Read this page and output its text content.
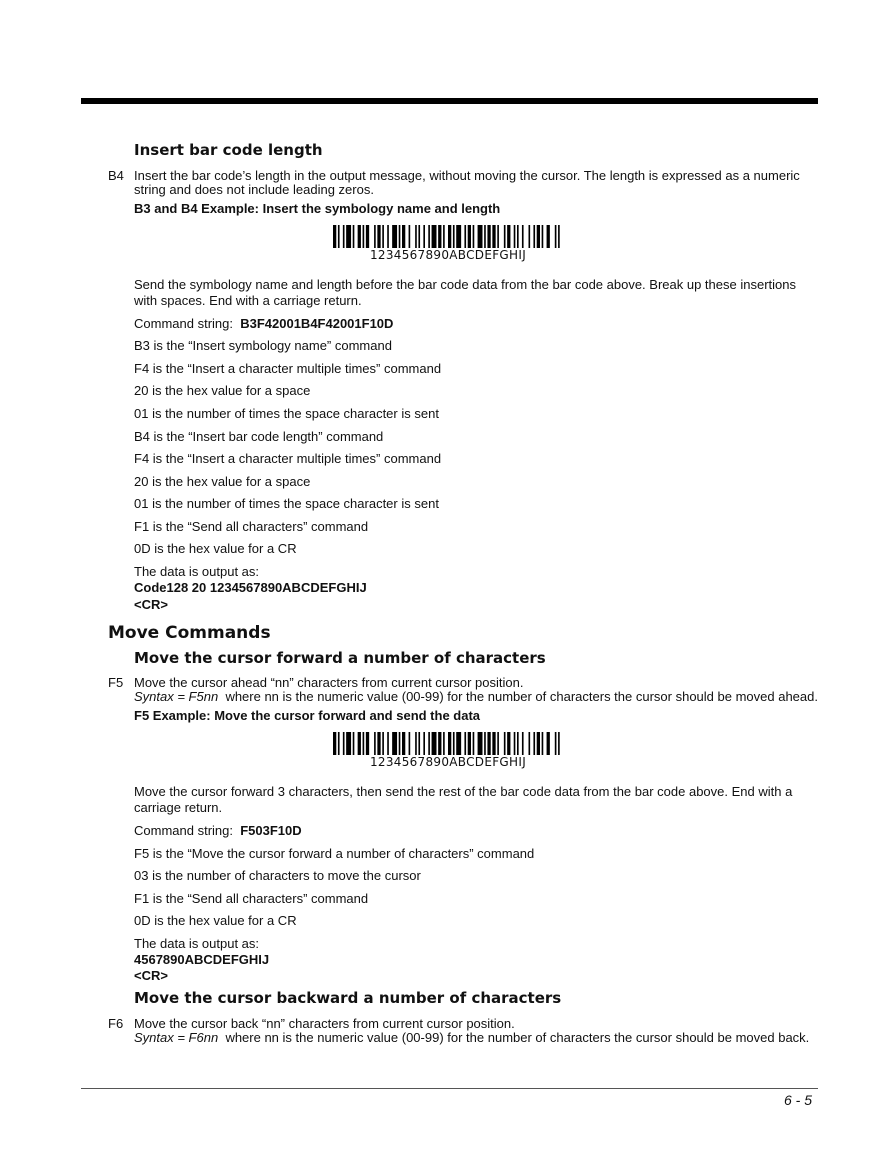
Insert bar code length
B4 Insert the bar code’s length in the output message, without moving the cursor. The length is expressed as a numeric
string and does not include leading zeros.
B3 and B4 Example: Insert the symbology name and length
1234567890ABCDEFGHIJ
Send the symbology name and length before the bar code data from the bar code above. Break up these insertions
with spaces. End with a carriage return.
Command string: B3F42001B4F42001F10D
B3 is the “Insert symbology name” command
F4 is the “Insert a character multiple times” command
20 is the hex value for a space
01 is the number of times the space character is sent
B4 is the “Insert bar code length” command
F4 is the “Insert a character multiple times” command
20 is the hex value for a space
01 is the number of times the space character is sent
F1 is the “Send all characters” command
0D is the hex value for a CR
The data is output as:
Code128 20 1234567890ABCDEFGHIJ
<CR>
Move Commands
Move the cursor forward a number of characters
F5 Move the cursor ahead “nn” characters from current cursor position.
Syntax = F5nn where nn is the numeric value (00-99) for the number of characters the cursor should be moved ahead.
F5 Example: Move the cursor forward and send the data
1234567890ABCDEFGHIJ
Move the cursor forward 3 characters, then send the rest of the bar code data from the bar code above. End with a
carriage return.
Command string: F503F10D
F5 is the “Move the cursor forward a number of characters” command
03 is the number of characters to move the cursor
F1 is the “Send all characters” command
0D is the hex value for a CR
The data is output as:
4567890ABCDEFGHIJ
<CR>
Move the cursor backward a number of characters
F6 Move the cursor back “nn” characters from current cursor position.
Syntax = F6nn where nn is the numeric value (00-99) for the number of characters the cursor should be moved back.
6 - 5
